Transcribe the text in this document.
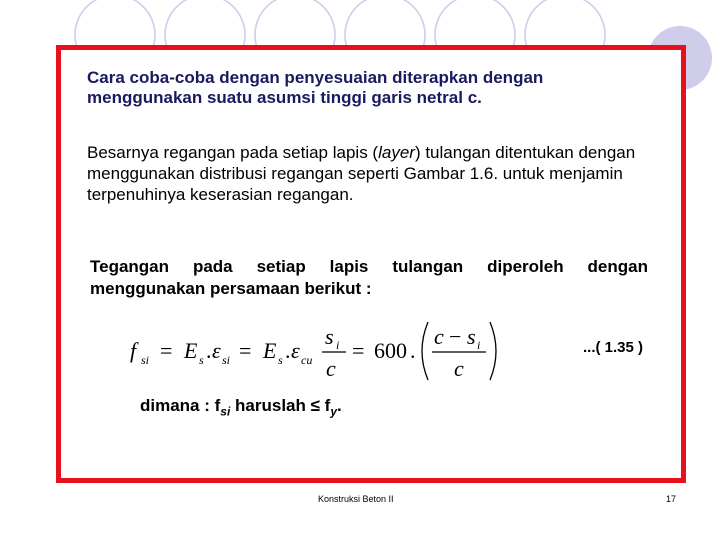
Cara coba-coba dengan penyesuaian diterapkan dengan menggunakan suatu asumsi tinggi garis netral c.
Besarnya regangan pada setiap lapis (layer) tulangan ditentukan dengan menggunakan distribusi regangan seperti Gambar 1.6. untuk menjamin terpenuhinya keserasian regangan.
Tegangan pada setiap lapis tulangan diperoleh dengan
menggunakan persamaan berikut :
f si = E s . ε si = E s . ε cu
s i
c
= 600 .
c − s i
c
...( 1.35 )
dimana : $f_{si}$ haruslah ≤ $f_y$.
Konstruksi Beton II	17
